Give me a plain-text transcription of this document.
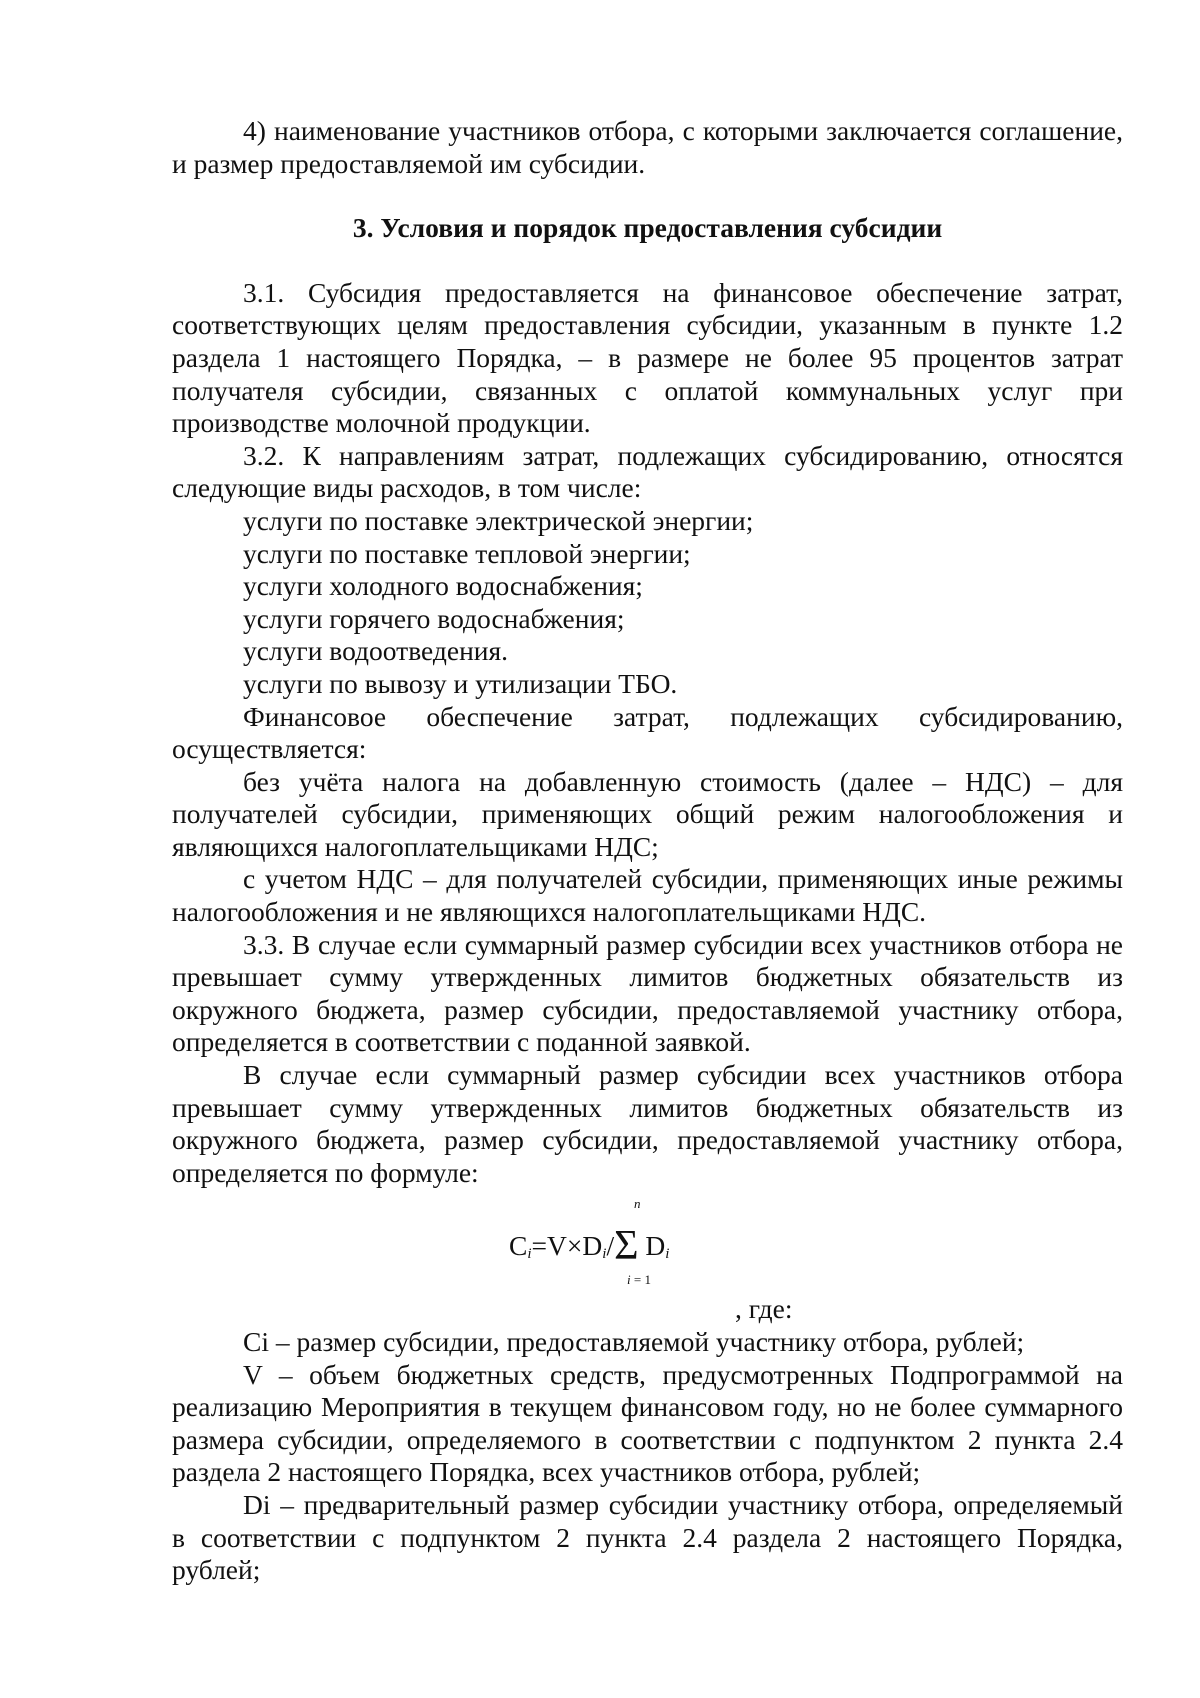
4) наименование участников отбора, с которыми заключается соглашение, и размер предоставляемой им субсидии.

3. Условия и порядок предоставления субсидии

3.1. Субсидия предоставляется на финансовое обеспечение затрат, соответствующих целям предоставления субсидии, указанным в пункте 1.2 раздела 1 настоящего Порядка, – в размере не более 95 процентов затрат получателя субсидии, связанных с оплатой коммунальных услуг при производстве молочной продукции.

3.2. К направлениям затрат, подлежащих субсидированию, относятся следующие виды расходов, в том числе:

услуги по поставке электрической энергии;

услуги по поставке тепловой энергии;

услуги холодного водоснабжения;

услуги горячего водоснабжения;

услуги водоотведения.

услуги по вывозу и утилизации ТБО.

Финансовое обеспечение затрат, подлежащих субсидированию, осуществляется:

без учёта налога на добавленную стоимость (далее – НДС) – для получателей субсидии, применяющих общий режим налогообложения и являющихся налогоплательщиками НДС;

с учетом НДС – для получателей субсидии, применяющих иные режимы налогообложения и не являющихся налогоплательщиками НДС.

3.3. В случае если суммарный размер субсидии всех участников отбора не превышает сумму утвержденных лимитов бюджетных обязательств из окружного бюджета, размер субсидии, предоставляемой участнику отбора, определяется в соответствии с поданной заявкой.

В случае если суммарный размер субсидии всех участников отбора превышает сумму утвержденных лимитов бюджетных обязательств из окружного бюджета, размер субсидии, предоставляемой участнику отбора, определяется по формуле:

n
$C_i=V\times D_i/\Sigma$ $D_i$
i = 1

, где:

Ci – размер субсидии, предоставляемой участнику отбора, рублей;

V – объем бюджетных средств, предусмотренных Подпрограммой на реализацию Мероприятия в текущем финансовом году, но не более суммарного размера субсидии, определяемого в соответствии с подпунктом 2 пункта 2.4 раздела 2 настоящего Порядка, всех участников отбора, рублей;

Di – предварительный размер субсидии участнику отбора, определяемый в соответствии с подпунктом 2 пункта 2.4 раздела 2 настоящего Порядка, рублей;
